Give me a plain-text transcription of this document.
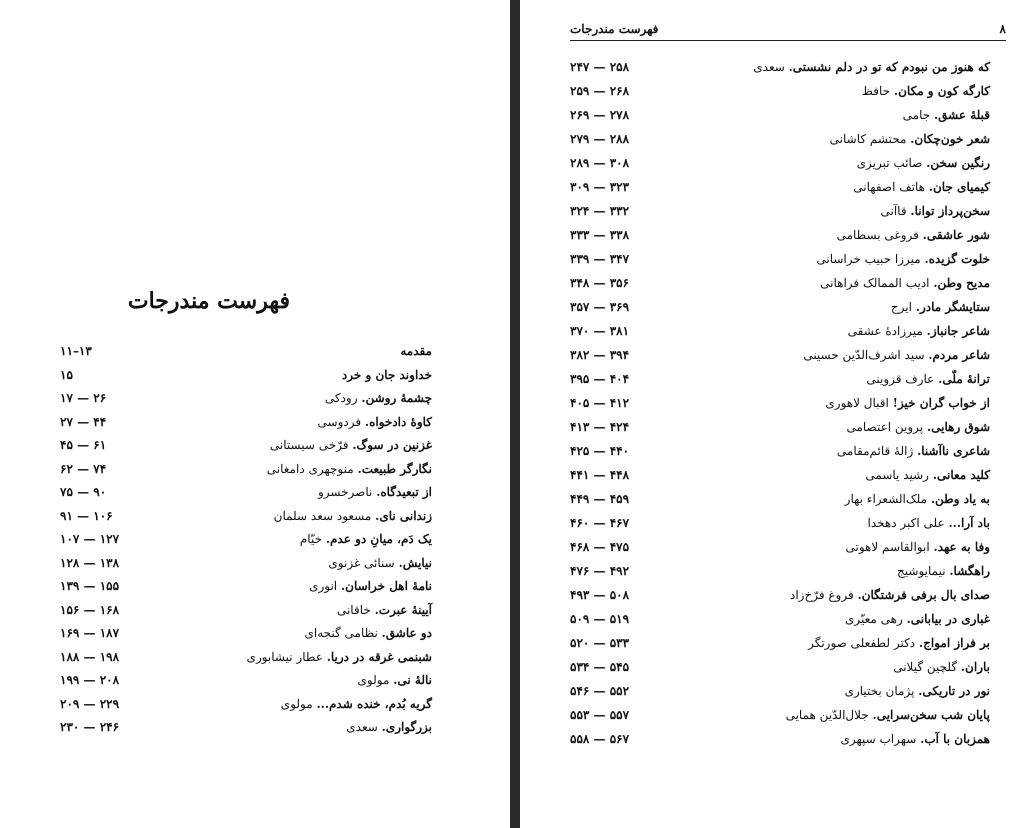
فهرست مندرجات
مقدمه
۱۳–۱۱
خداوند جان و خرد
۱۵
چشمهٔ روشن. رودکی
۲۶ — ۱۷
کاوهٔ دادخواه. فردوسی
۴۴ — ۲۷
غزنین در سوگ. فرّخی سیستانی
۶۱ — ۴۵
نگارگر طبیعت. منوچهری دامغانی
۷۴ — ۶۲
از تبعیدگاه. ناصرخسرو
۹۰ — ۷۵
زندانی نای. مسعود سعد سلمان
۱۰۶ — ۹۱
یک دَم، میانِ دو عدم. خیّام
۱۲۷ — ۱۰۷
نیایش. سنائی غزنوی
۱۳۸ — ۱۲۸
نامهٔ اهل خراسان. انوری
۱۵۵ — ۱۳۹
آیینهٔ عبرت. خاقانی
۱۶۸ — ۱۵۶
دو عاشق. نظامی گنجه‌ای
۱۸۷ — ۱۶۹
شبنمی غرقه در دریا. عطار نیشابوری
۱۹۸ — ۱۸۸
نالهٔ نی. مولوی
۲۰۸ — ۱۹۹
گریه بُدم، خنده شدم... مولوی
۲۲۹ — ۲۰۹
بزرگواری. سعدی
۲۴۶ — ۲۳۰
۸
فهرست مندرجات
که هنوز من نبودم که تو در دلم نشستی. سعدی
۲۵۸ — ۲۴۷
کارگه کون و مکان. حافظ
۲۶۸ — ۲۵۹
قبلهٔ عشق. جامی
۲۷۸ — ۲۶۹
شعر خون‌چکان. محتشم کاشانی
۲۸۸ — ۲۷۹
رنگین سخن. صائب تبریزی
۳۰۸ — ۲۸۹
کیمیای جان. هاتف اصفهانی
۳۲۳ — ۳۰۹
سخن‌پرداز توانا. قاآنی
۳۳۲ — ۳۲۴
شور عاشقی. فروغی بسطامی
۳۳۸ — ۳۳۳
خلوت گزیده. میرزا حبیب خراسانی
۳۴۷ — ۳۳۹
مدیح وطن. ادیب الممالک فراهانی
۳۵۶ — ۳۴۸
ستایشگر مادر. ایرج
۳۶۹ — ۳۵۷
شاعر جانباز. میرزادهٔ عشقی
۳۸۱ — ۳۷۰
شاعر مردم. سید اشرف‌الدّین حسینی
۳۹۴ — ۳۸۲
ترانهٔ ملّی. عارف قزوینی
۴۰۴ — ۳۹۵
از خواب گران خیز! اقبال لاهوری
۴۱۲ — ۴۰۵
شوق رهایی. پروین اعتصامی
۴۲۴ — ۴۱۳
شاعری ناآشنا. ژالهٔ قائم‌مقامی
۴۴۰ — ۴۲۵
کلید معانی. رشید یاسمی
۴۴۸ — ۴۴۱
به یاد وطن. ملک‌الشعراء بهار
۴۵۹ — ۴۴۹
باد آرا... علی اکبر دهخدا
۴۶۷ — ۴۶۰
وفا به عهد. ابوالقاسم لاهوتی
۴۷۵ — ۴۶۸
راهگشا. نیمایوشیج
۴۹۲ — ۴۷۶
صدای بال برفی فرشتگان. فروغ فرّخ‌زاد
۵۰۸ — ۴۹۳
غباری در بیابانی. رهی معیّری
۵۱۹ — ۵۰۹
بر فراز امواج. دکتر لطفعلی صورتگر
۵۳۳ — ۵۲۰
باران. گلچین گیلانی
۵۴۵ — ۵۳۴
نور در تاریکی. پژمان بختیاری
۵۵۲ — ۵۴۶
پایان شب سخن‌سرایی. جلال‌الدّین همایی
۵۵۷ — ۵۵۳
همزبان با آب. سهراب سپهری
۵۶۷ — ۵۵۸
